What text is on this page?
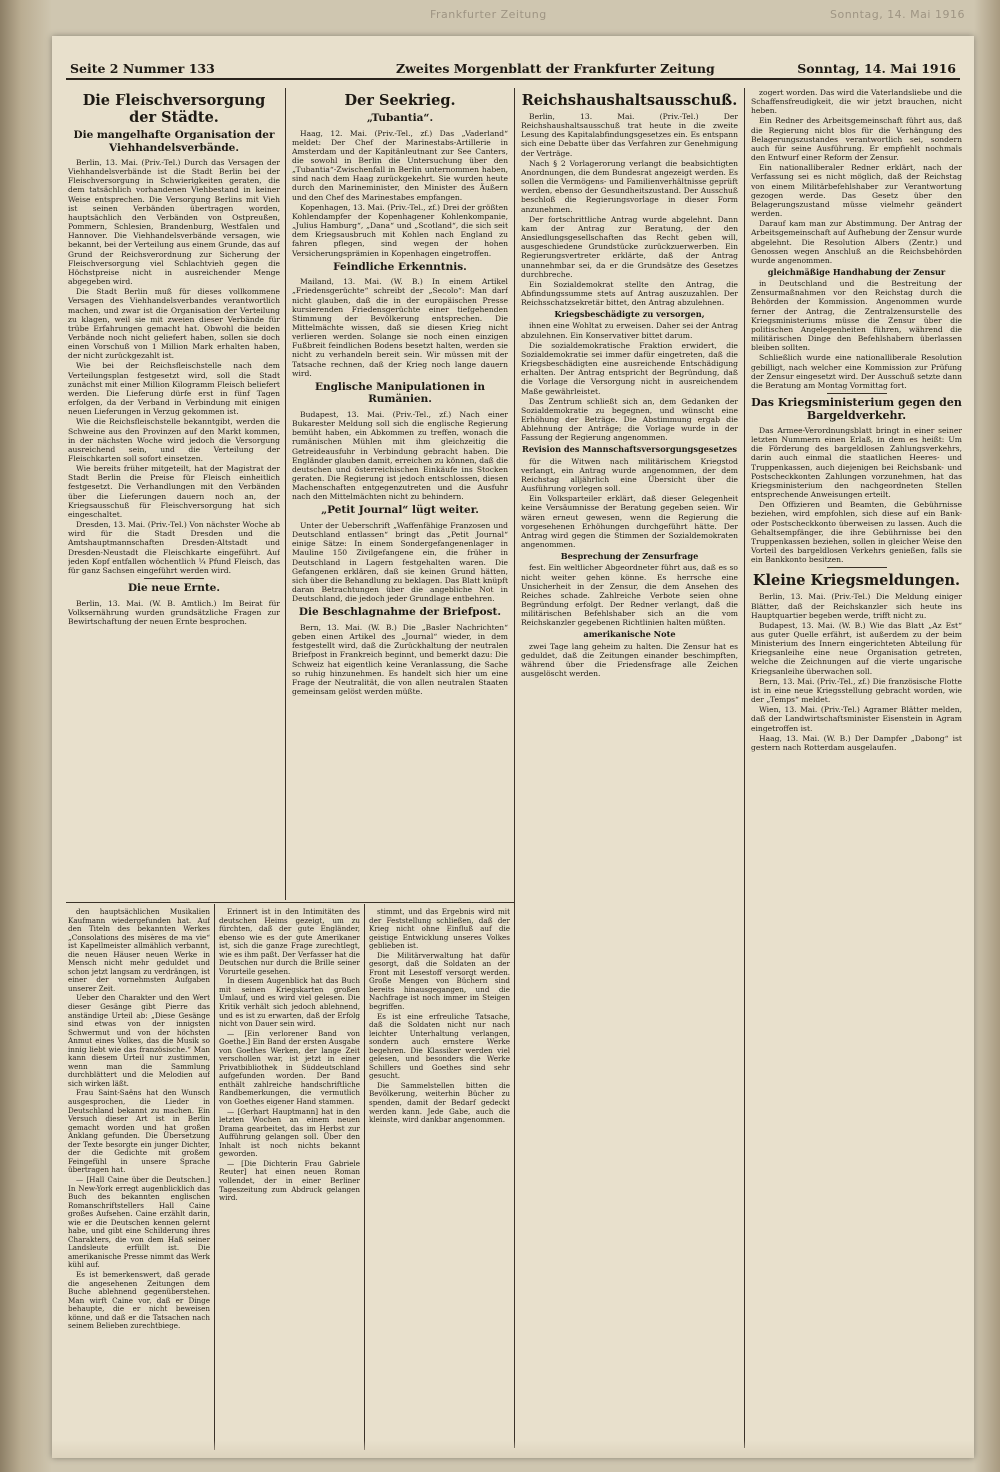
Frankfurter Zeitung	Sonntag, 14. Mai 1916
Seite 2 Nummer 133	Zweites Morgenblatt der Frankfurter Zeitung	Sonntag, 14. Mai 1916
Die Fleischversorgung der Städte.
Die mangelhafte Organisation der Viehhandelsverbände.

Berlin, 13. Mai. (Priv.-Tel.) Durch das Versagen der Viehhandelsverbände ist die Stadt Berlin bei der Fleischversorgung in Schwierigkeiten geraten, die dem tatsächlich vorhandenen Viehbestand in keiner Weise entsprechen. Die Versorgung Berlins mit Vieh ist seinen Verbänden übertragen worden, hauptsächlich den Verbänden von Ostpreußen, Pommern, Schlesien, Brandenburg, Westfalen und Hannover. Die Viehhandelsverbände versagen, wie bekannt, bei der Verteilung aus einem Grunde, das auf Grund der Reichsverordnung zur Sicherung der Fleischversorgung viel Schlachtvieh gegen die Höchstpreise nicht in ausreichender Menge abgegeben wird.

Die Stadt Berlin muß für dieses vollkommene Versagen des Viehhandelsverbandes verantwortlich machen, und zwar ist die Organisation der Verteilung zu klagen, weil sie mit zweien dieser Verbände für trübe Erfahrungen gemacht hat. Obwohl die beiden Verbände noch nicht geliefert haben, sollen sie doch einen Vorschuß von 1 Million Mark erhalten haben, der nicht zurückgezahlt ist.

Wie bei der Reichsfleischstelle nach dem Verteilungsplan festgesetzt wird, soll die Stadt zunächst mit einer Million Kilogramm Fleisch beliefert werden. Die Lieferung dürfe erst in fünf Tagen erfolgen, da der Verband in Verbindung mit einigen neuen Lieferungen in Verzug gekommen ist.

Wie die Reichsfleischstelle bekanntgibt, werden die Schweine aus den Provinzen auf den Markt kommen, in der nächsten Woche wird jedoch die Versorgung ausreichend sein, und die Verteilung der Fleischkarten soll sofort einsetzen.

Wie bereits früher mitgeteilt, hat der Magistrat der Stadt Berlin die Preise für Fleisch einheitlich festgesetzt. Die Verhandlungen mit den Verbänden über die Lieferungen dauern noch an, der Kriegsausschuß für Fleischversorgung hat sich eingeschaltet.

Dresden, 13. Mai. (Priv.-Tel.) Von nächster Woche ab wird für die Stadt Dresden und die Amtshauptmannschaften Dresden-Altstadt und Dresden-Neustadt die Fleischkarte eingeführt. Auf jeden Kopf entfallen wöchentlich ¼ Pfund Fleisch, das für ganz Sachsen eingeführt werden wird.

Die neue Ernte.

Berlin, 13. Mai. (W. B. Amtlich.) Im Beirat für Volksernährung wurden grundsätzliche Fragen zur Bewirtschaftung der neuen Ernte besprochen.

Der Seekrieg.
„Tubantia“.

Haag, 12. Mai. (Priv.-Tel., zf.) Das „Vaderland“ meldet: Der Chef der Marinestabs-Artillerie in Amsterdam und der Kapitänleutnant zur See Canters, die sowohl in Berlin die Untersuchung über den „Tubantia“-Zwischenfall in Berlin unternommen haben, sind nach dem Haag zurückgekehrt. Sie wurden heute durch den Marineminister, den Minister des Äußern und den Chef des Marinestabes empfangen.

Kopenhagen, 13. Mai. (Priv.-Tel., zf.) Drei der größten Kohlendampfer der Kopenhagener Kohlenkompanie, „Julius Hamburg“, „Dana“ und „Scotland“, die sich seit dem Kriegsausbruch mit Kohlen nach England zu fahren pflegen, sind wegen der hohen Versicherungsprämien in Kopenhagen eingetroffen.

Feindliche Erkenntnis.

Mailand, 13. Mai. (W. B.) In einem Artikel „Friedensgerüchte“ schreibt der „Secolo“: Man darf nicht glauben, daß die in der europäischen Presse kursierenden Friedensgerüchte einer tiefgehenden Stimmung der Bevölkerung entsprechen. Die Mittelmächte wissen, daß sie diesen Krieg nicht verlieren werden. Solange sie noch einen einzigen Fußbreit feindlichen Bodens besetzt halten, werden sie nicht zu verhandeln bereit sein. Wir müssen mit der Tatsache rechnen, daß der Krieg noch lange dauern wird.

Englische Manipulationen in Rumänien.

Budapest, 13. Mai. (Priv.-Tel., zf.) Nach einer Bukarester Meldung soll sich die englische Regierung bemüht haben, ein Abkommen zu treffen, wonach die rumänischen Mühlen mit ihm gleichzeitig die Getreideausfuhr in Verbindung gebracht haben. Die Engländer glauben damit, erreichen zu können, daß die deutschen und österreichischen Einkäufe ins Stocken geraten. Die Regierung ist jedoch entschlossen, diesen Machenschaften entgegenzutreten und die Ausfuhr nach den Mittelmächten nicht zu behindern.

„Petit Journal“ lügt weiter.

Unter der Ueberschrift „Waffenfähige Franzosen und Deutschland entlassen“ bringt das „Petit Journal“ einige Sätze: In einem Sondergefangenenlager in Mauline 150 Zivilgefangene ein, die früher in Deutschland in Lagern festgehalten waren. Die Gefangenen erklären, daß sie keinen Grund hätten, sich über die Behandlung zu beklagen. Das Blatt knüpft daran Betrachtungen über die angebliche Not in Deutschland, die jedoch jeder Grundlage entbehren.

Die Beschlagnahme der Briefpost.

Bern, 13. Mai. (W. B.) Die „Basler Nachrichten“ geben einen Artikel des „Journal“ wieder, in dem festgestellt wird, daß die Zurückhaltung der neutralen Briefpost in Frankreich beginnt, und bemerkt dazu: Die Schweiz hat eigentlich keine Veranlassung, die Sache so ruhig hinzunehmen. Es handelt sich hier um eine Frage der Neutralität, die von allen neutralen Staaten gemeinsam gelöst werden müßte.

Reichshaushaltsausschuß.

Berlin, 13. Mai. (Priv.-Tel.) Der Reichshaushaltsausschuß trat heute in die zweite Lesung des Kapitalabfindungsgesetzes ein. Es entspann sich eine Debatte über das Verfahren zur Genehmigung der Verträge.

Nach § 2 Vorlagerorung verlangt die beabsichtigten Anordnungen, die dem Bundesrat angezeigt werden. Es sollen die Vermögens- und Familienverhältnisse geprüft werden, ebenso der Gesundheitszustand. Der Ausschuß beschloß die Regierungsvorlage in dieser Form anzunehmen.

Der fortschrittliche Antrag wurde abgelehnt. Dann kam der Antrag zur Beratung, der den Ansiedlungsgesellschaften das Recht geben will, ausgeschiedene Grundstücke zurückzuerwerben. Ein Regierungsvertreter erklärte, daß der Antrag unannehmbar sei, da er die Grundsätze des Gesetzes durchbreche.

Ein Sozialdemokrat stellte den Antrag, die Abfindungssumme stets auf Antrag auszuzahlen. Der Reichsschatzsekretär bittet, den Antrag abzulehnen.

Kriegsbeschädigte zu versorgen,

ihnen eine Wohltat zu erweisen. Daher sei der Antrag abzulehnen. Ein Konservativer bittet darum.

Die sozialdemokratische Fraktion erwidert, die Sozialdemokratie sei immer dafür eingetreten, daß die Kriegsbeschädigten eine ausreichende Entschädigung erhalten. Der Antrag entspricht der Begründung, daß die Vorlage die Versorgung nicht in ausreichendem Maße gewährleistet.

Das Zentrum schließt sich an, dem Gedanken der Sozialdemokratie zu begegnen, und wünscht eine Erhöhung der Beträge. Die Abstimmung ergab die Ablehnung der Anträge; die Vorlage wurde in der Fassung der Regierung angenommen.

Revision des Mannschaftsversorgungsgesetzes

für die Witwen nach militärischem Kriegstod verlangt, ein Antrag wurde angenommen, der dem Reichstag alljährlich eine Übersicht über die Ausführung vorlegen soll.

Ein Volksparteiler erklärt, daß dieser Gelegenheit keine Versäumnisse der Beratung gegeben seien. Wir wären erneut gewesen, wenn die Regierung die vorgesehenen Erhöhungen durchgeführt hätte. Der Antrag wird gegen die Stimmen der Sozialdemokraten angenommen.

Besprechung der Zensurfrage

fest. Ein weltlicher Abgeordneter führt aus, daß es so nicht weiter gehen könne. Es herrsche eine Unsicherheit in der Zensur, die dem Ansehen des Reiches schade. Zahlreiche Verbote seien ohne Begründung erfolgt. Der Redner verlangt, daß die militärischen Befehlshaber sich an die vom Reichskanzler gegebenen Richtlinien halten müßten.

amerikanische Note

zwei Tage lang geheim zu halten. Die Zensur hat es geduldet, daß die Zeitungen einander beschimpften, während über die Friedensfrage alle Zeichen ausgelöscht werden.

zogert worden. Das wird die Vaterlandsliebe und die Schaffensfreudigkeit, die wir jetzt brauchen, nicht heben.

Ein Redner des Arbeitsgemeinschaft führt aus, daß die Regierung nicht blos für die Verhängung des Belagerungszustandes verantwortlich sei, sondern auch für seine Ausführung. Er empfiehlt nochmals den Entwurf einer Reform der Zensur.

Ein nationalliberaler Redner erklärt, nach der Verfassung sei es nicht möglich, daß der Reichstag von einem Militärbefehlshaber zur Verantwortung gezogen werde. Das Gesetz über den Belagerungszustand müsse vielmehr geändert werden.

Darauf kam man zur Abstimmung. Der Antrag der Arbeitsgemeinschaft auf Aufhebung der Zensur wurde abgelehnt. Die Resolution Albers (Zentr.) und Genossen wegen Anschluß an die Reichsbehörden wurde angenommen.

gleichmäßige Handhabung der Zensur

in Deutschland und die Bestreitung der Zensurmaßnahmen vor den Reichstag durch die Behörden der Kommission. Angenommen wurde ferner der Antrag, die Zentralzensurstelle des Kriegsministeriums müsse die Zensur über die politischen Angelegenheiten führen, während die militärischen Dinge den Befehlshabern überlassen bleiben sollten.

Schließlich wurde eine nationalliberale Resolution gebilligt, nach welcher eine Kommission zur Prüfung der Zensur eingesetzt wird. Der Ausschuß setzte dann die Beratung am Montag Vormittag fort.

Das Kriegsministerium gegen den Bargeldverkehr.

Das Armee-Verordnungsblatt bringt in einer seiner letzten Nummern einen Erlaß, in dem es heißt: Um die Förderung des bargeldlosen Zahlungsverkehrs, darin auch einmal die staatlichen Heeres- und Truppenkassen, auch diejenigen bei Reichsbank- und Postscheckkonten Zahlungen vorzunehmen, hat das Kriegsministerium den nachgeordneten Stellen entsprechende Anweisungen erteilt.

Den Offizieren und Beamten, die Gebührnisse beziehen, wird empfohlen, sich diese auf ein Bank- oder Postscheckkonto überweisen zu lassen. Auch die Gehaltsempfänger, die ihre Gebührnisse bei den Truppenkassen beziehen, sollen in gleicher Weise den Vorteil des bargeldlosen Verkehrs genießen, falls sie ein Bankkonto besitzen.

Kleine Kriegsmeldungen.

Berlin, 13. Mai. (Priv.-Tel.) Die Meldung einiger Blätter, daß der Reichskanzler sich heute ins Hauptquartier begeben werde, trifft nicht zu.

Budapest, 13. Mai. (W. B.) Wie das Blatt „Az Est“ aus guter Quelle erfährt, ist außerdem zu der beim Ministerium des Innern eingerichteten Abteilung für Kriegsanleihe eine neue Organisation getreten, welche die Zeichnungen auf die vierte ungarische Kriegsanleihe überwachen soll.

Bern, 13. Mai. (Priv.-Tel., zf.) Die französische Flotte ist in eine neue Kriegsstellung gebracht worden, wie der „Temps“ meldet.

Wien, 13. Mai. (Priv.-Tel.) Agramer Blätter melden, daß der Landwirtschaftsminister Eisenstein in Agram eingetroffen ist.

Haag, 13. Mai. (W. B.) Der Dampfer „Dabong“ ist gestern nach Rotterdam ausgelaufen.

den hauptsächlichen Musikalien Kaufmann wiedergefunden hat. Auf den Titeln des bekannten Werkes „Consolations des misères de ma vie“ ist Kapellmeister allmählich verbannt, die neuen Häuser neuen Werke in Mensch nicht mehr geduldet und schon jetzt langsam zu verdrängen, ist einer der vornehmsten Aufgaben unserer Zeit.

Ueber den Charakter und den Wert dieser Gesänge gibt Pierre das anständige Urteil ab: „Diese Gesänge sind etwas von der innigsten Schwermut und von der höchsten Anmut eines Volkes, das die Musik so innig liebt wie das französische.“ Man kann diesem Urteil nur zustimmen, wenn man die Sammlung durchblättert und die Melodien auf sich wirken läßt.

Frau Saint-Saëns hat den Wunsch ausgesprochen, die Lieder in Deutschland bekannt zu machen. Ein Versuch dieser Art ist in Berlin gemacht worden und hat großen Anklang gefunden. Die Übersetzung der Texte besorgte ein junger Dichter, der die Gedichte mit großem Feingefühl in unsere Sprache übertragen hat.

— [Hall Caine über die Deutschen.] In New-York erregt augenblicklich das Buch des bekannten englischen Romanschriftstellers Hall Caine großes Aufsehen. Caine erzählt darin, wie er die Deutschen kennen gelernt habe, und gibt eine Schilderung ihres Charakters, die von dem Haß seiner Landsleute erfüllt ist. Die amerikanische Presse nimmt das Werk kühl auf.

Es ist bemerkenswert, daß gerade die angesehenen Zeitungen dem Buche ablehnend gegenüberstehen. Man wirft Caine vor, daß er Dinge behaupte, die er nicht beweisen könne, und daß er die Tatsachen nach seinem Belieben zurechtbiege.

Erinnert ist in den Intimitäten des deutschen Heims gezeigt, um zu fürchten, daß der gute Engländer, ebenso wie es der gute Amerikaner ist, sich die ganze Frage zurechtlegt, wie es ihm paßt. Der Verfasser hat die Deutschen nur durch die Brille seiner Vorurteile gesehen.

In diesem Augenblick hat das Buch mit seinen Kriegskarten großen Umlauf, und es wird viel gelesen. Die Kritik verhält sich jedoch ablehnend, und es ist zu erwarten, daß der Erfolg nicht von Dauer sein wird.

— [Ein verlorener Band von Goethe.] Ein Band der ersten Ausgabe von Goethes Werken, der lange Zeit verschollen war, ist jetzt in einer Privatbibliothek in Süddeutschland aufgefunden worden. Der Band enthält zahlreiche handschriftliche Randbemerkungen, die vermutlich von Goethes eigener Hand stammen.

— [Gerhart Hauptmann] hat in den letzten Wochen an einem neuen Drama gearbeitet, das im Herbst zur Aufführung gelangen soll. Über den Inhalt ist noch nichts bekannt geworden.

— [Die Dichterin Frau Gabriele Reuter] hat einen neuen Roman vollendet, der in einer Berliner Tageszeitung zum Abdruck gelangen wird.

stimmt, und das Ergebnis wird mit der Feststellung schließen, daß der Krieg nicht ohne Einfluß auf die geistige Entwicklung unseres Volkes geblieben ist.

Die Militärverwaltung hat dafür gesorgt, daß die Soldaten an der Front mit Lesestoff versorgt werden. Große Mengen von Büchern sind bereits hinausgegangen, und die Nachfrage ist noch immer im Steigen begriffen.

Es ist eine erfreuliche Tatsache, daß die Soldaten nicht nur nach leichter Unterhaltung verlangen, sondern auch ernstere Werke begehren. Die Klassiker werden viel gelesen, und besonders die Werke Schillers und Goethes sind sehr gesucht.

Die Sammelstellen bitten die Bevölkerung, weiterhin Bücher zu spenden, damit der Bedarf gedeckt werden kann. Jede Gabe, auch die kleinste, wird dankbar angenommen.
